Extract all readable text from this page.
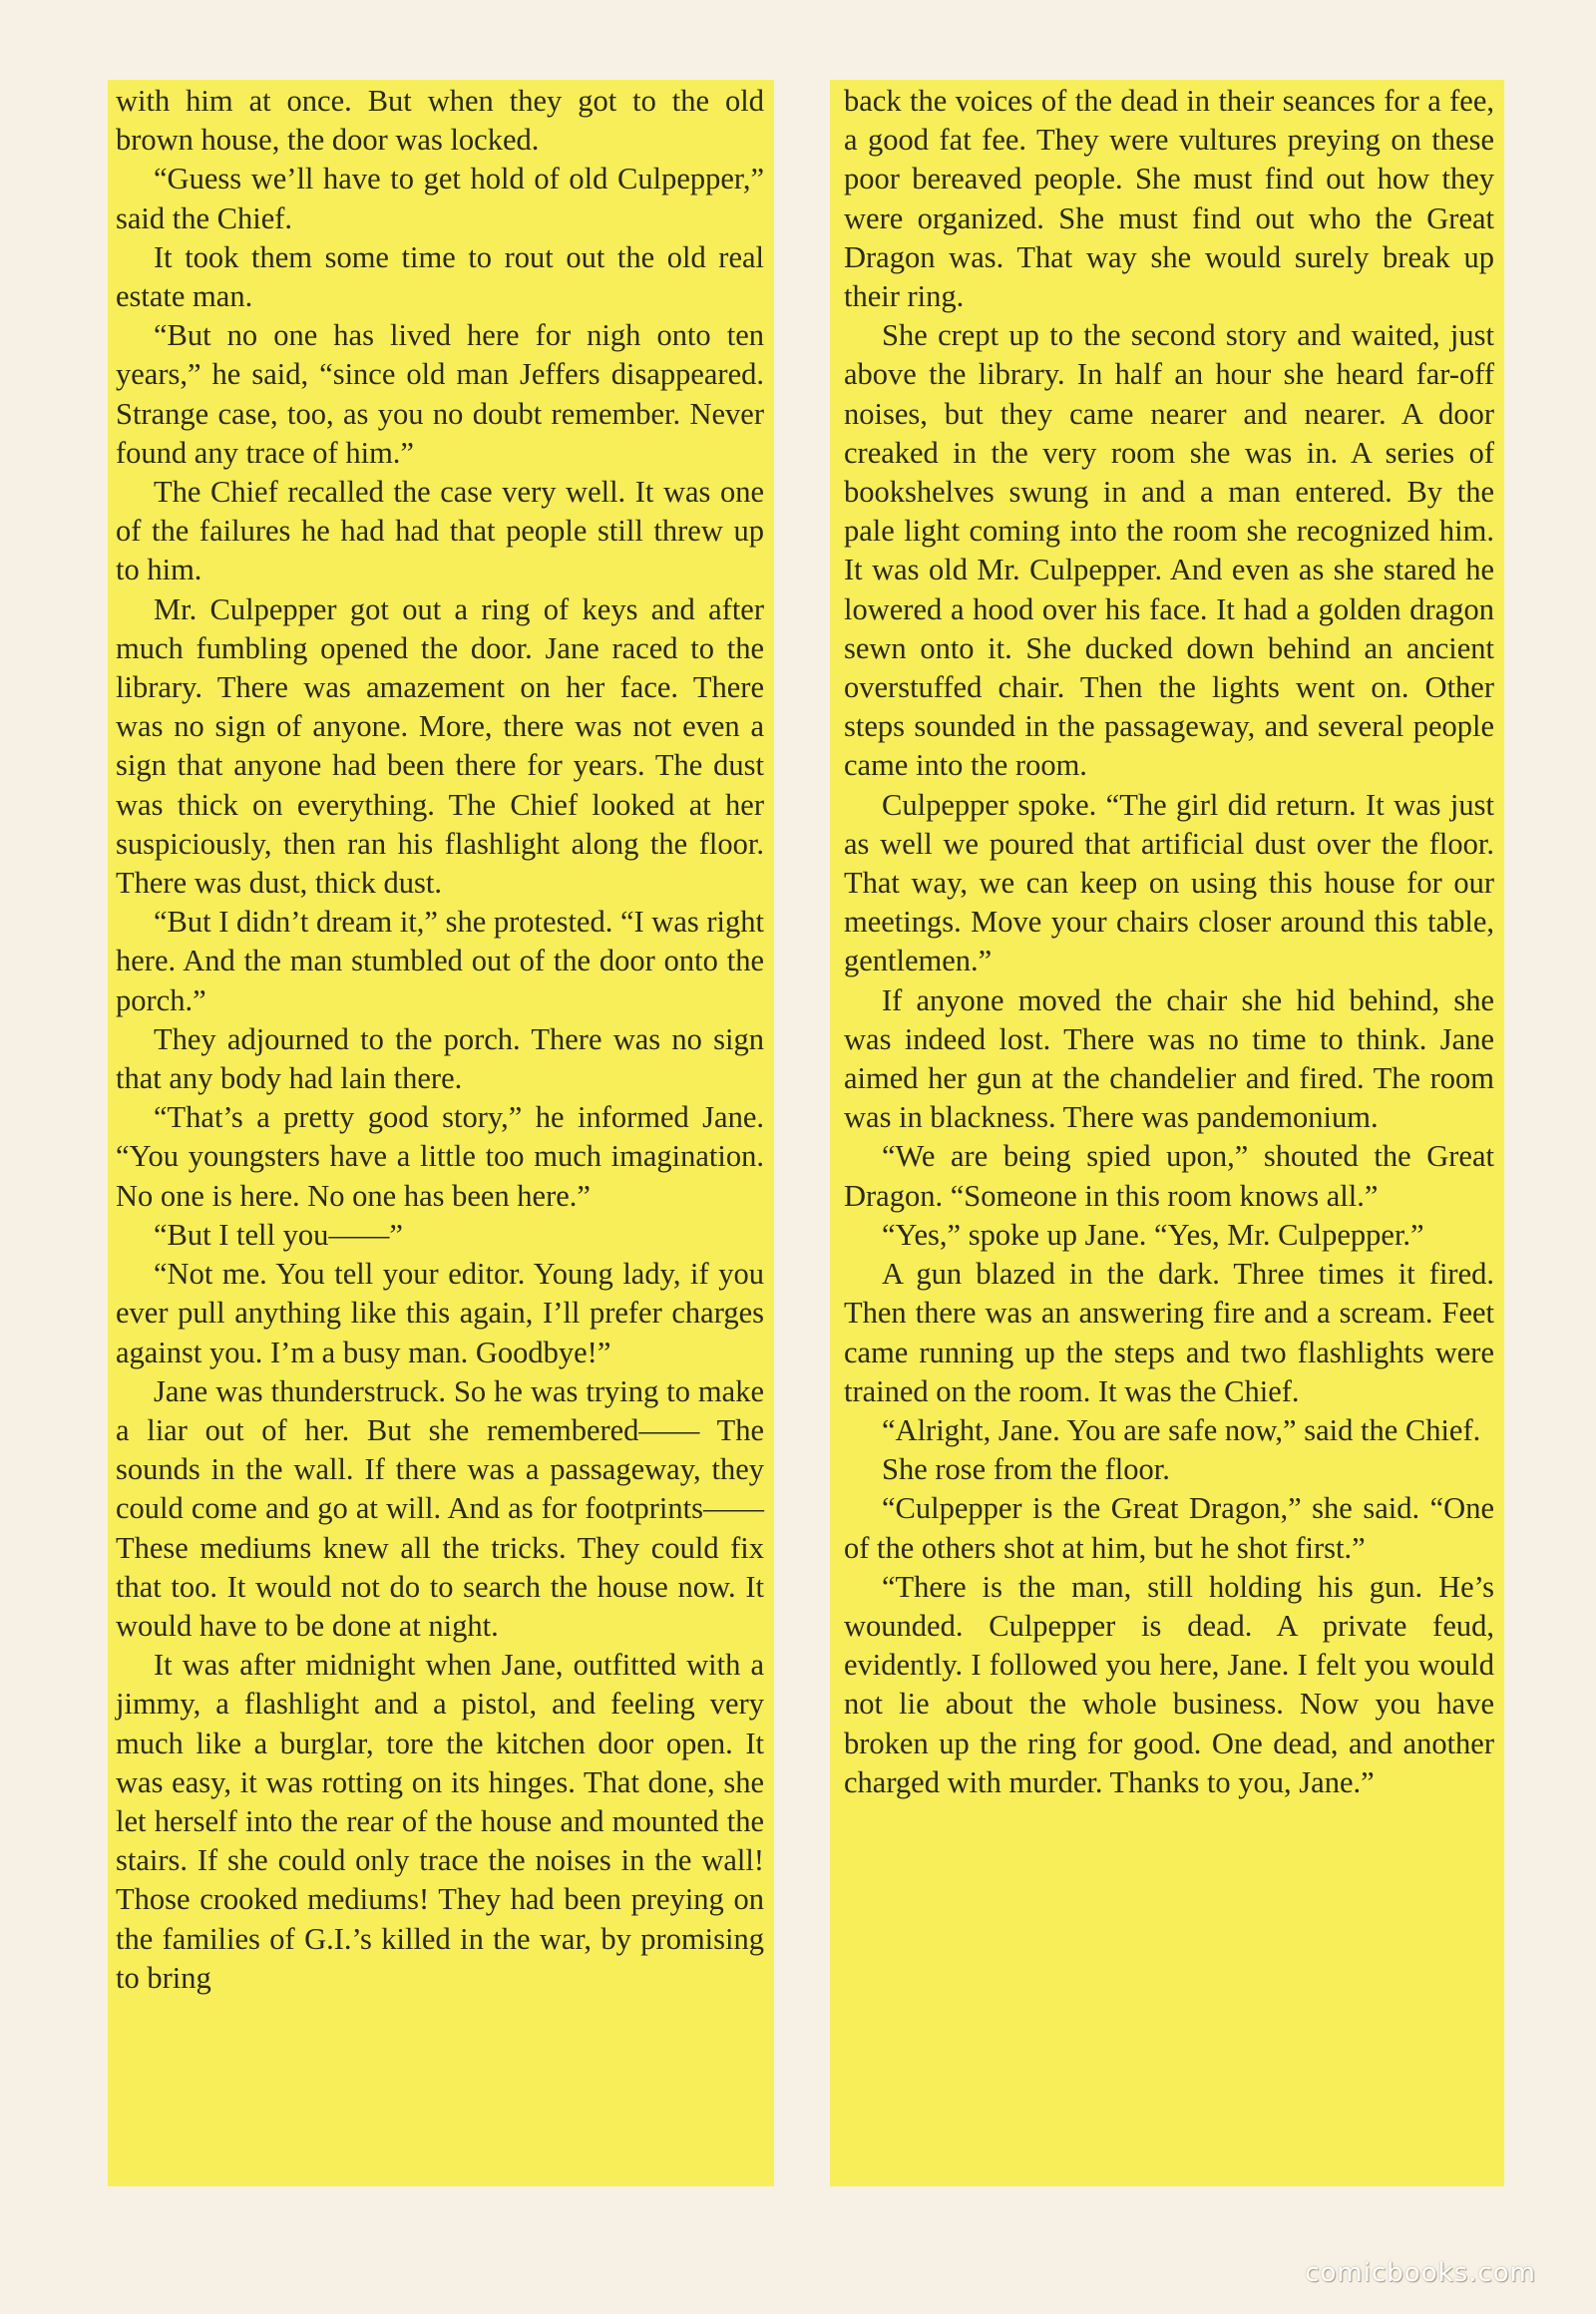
with him at once. But when they got to the old brown house, the door was locked.

“Guess we’ll have to get hold of old Culpepper,” said the Chief.

It took them some time to rout out the old real estate man.

“But no one has lived here for nigh onto ten years,” he said, “since old man Jeffers disappeared. Strange case, too, as you no doubt remember. Never found any trace of him.”

The Chief recalled the case very well. It was one of the failures he had had that people still threw up to him.

Mr. Culpepper got out a ring of keys and after much fumbling opened the door. Jane raced to the library. There was amazement on her face. There was no sign of anyone. More, there was not even a sign that anyone had been there for years. The dust was thick on everything. The Chief looked at her suspiciously, then ran his flashlight along the floor. There was dust, thick dust.

“But I didn’t dream it,” she protested. “I was right here. And the man stumbled out of the door onto the porch.”

They adjourned to the porch. There was no sign that any body had lain there.

“That’s a pretty good story,” he informed Jane. “You youngsters have a little too much imagination. No one is here. No one has been here.”

“But I tell you——”

“Not me. You tell your editor. Young lady, if you ever pull anything like this again, I’ll prefer charges against you. I’m a busy man. Goodbye!”

Jane was thunderstruck. So he was trying to make a liar out of her. But she remembered—— The sounds in the wall. If there was a passageway, they could come and go at will. And as for footprints—— These mediums knew all the tricks. They could fix that too. It would not do to search the house now. It would have to be done at night.

It was after midnight when Jane, outfitted with a jimmy, a flashlight and a pistol, and feeling very much like a burglar, tore the kitchen door open. It was easy, it was rotting on its hinges. That done, she let herself into the rear of the house and mounted the stairs. If she could only trace the noises in the wall! Those crooked mediums! They had been preying on the families of G.I.’s killed in the war, by promising to bring

back the voices of the dead in their seances for a fee, a good fat fee. They were vultures preying on these poor bereaved people. She must find out how they were organized. She must find out who the Great Dragon was. That way she would surely break up their ring.

She crept up to the second story and waited, just above the library. In half an hour she heard far-off noises, but they came nearer and nearer. A door creaked in the very room she was in. A series of bookshelves swung in and a man entered. By the pale light coming into the room she recognized him. It was old Mr. Culpepper. And even as she stared he lowered a hood over his face. It had a golden dragon sewn onto it. She ducked down behind an ancient overstuffed chair. Then the lights went on. Other steps sounded in the passageway, and several people came into the room.

Culpepper spoke. “The girl did return. It was just as well we poured that artificial dust over the floor. That way, we can keep on using this house for our meetings. Move your chairs closer around this table, gentlemen.”

If anyone moved the chair she hid behind, she was indeed lost. There was no time to think. Jane aimed her gun at the chandelier and fired. The room was in blackness. There was pandemonium.

“We are being spied upon,” shouted the Great Dragon. “Someone in this room knows all.”

“Yes,” spoke up Jane. “Yes, Mr. Culpepper.”

A gun blazed in the dark. Three times it fired. Then there was an answering fire and a scream. Feet came running up the steps and two flashlights were trained on the room. It was the Chief.

“Alright, Jane. You are safe now,” said the Chief.

She rose from the floor.

“Culpepper is the Great Dragon,” she said. “One of the others shot at him, but he shot first.”

“There is the man, still holding his gun. He’s wounded. Culpepper is dead. A private feud, evidently. I followed you here, Jane. I felt you would not lie about the whole business. Now you have broken up the ring for good. One dead, and another charged with murder. Thanks to you, Jane.”

comicbooks.com
